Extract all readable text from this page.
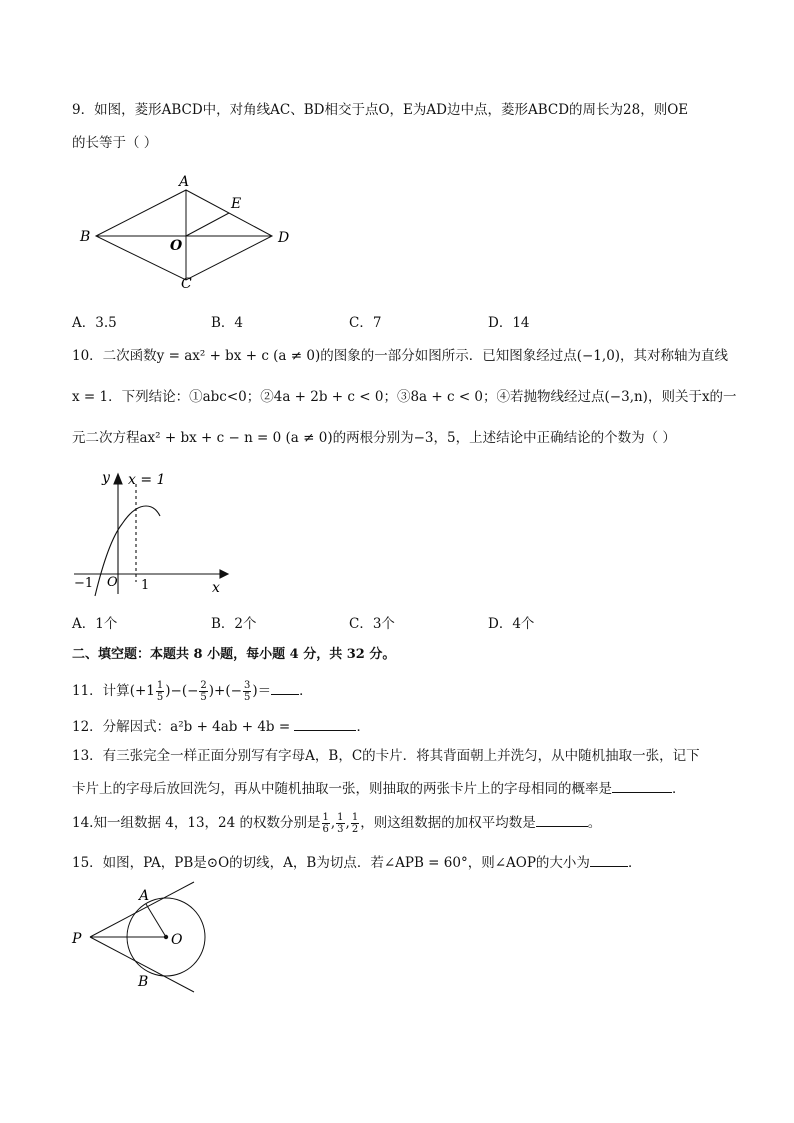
9．如图，菱形ABCD中，对角线AC、BD相交于点O，E为AD边中点，菱形ABCD的周长为28，则OE
的长等于（ ）
A
E
B
O	D
C
A．3.5	B．4	C．7	D．14
10．二次函数y = ax² + bx + c (a ≠ 0)的图象的一部分如图所示．已知图象经过点(−1,0)，其对称轴为直线
x = 1．下列结论：①abc<0；②4a + 2b + c < 0；③8a + c < 0；④若抛物线经过点(−3,n)，则关于x的一
元二次方程ax² + bx + c − n = 0 (a ≠ 0)的两根分别为−3，5，上述结论中正确结论的个数为（ ）
y x = 1
−1 O 1	x
A．1个	B．2个	C．3个	D．4个
二、填空题：本题共 8 小题，每小题 4 分，共 32 分。
11．计算($+1 \frac{1}{5}$ )−(− $\frac{2}{5}$ )+(− $\frac{3}{5}$ )＝ ．
12．分解因式：a²b + 4ab + 4b =	．
13．有三张完全一样正面分别写有字母A，B，C的卡片．将其背面朝上并洗匀，从中随机抽取一张，记下
卡片上的字母后放回洗匀，再从中随机抽取一张，则抽取的两张卡片上的字母相同的概率是	．
14.知一组数据 4，13，24 的权数分别是 $\frac{1}{6}$ , $\frac{1}{3}$ , $\frac{1}{2}$ ，则这组数据的加权平均数是	。
15．如图，PA，PB是⊙O的切线，A，B为切点．若∠APB = 60°，则∠AOP的大小为	．
A
P	O
B
